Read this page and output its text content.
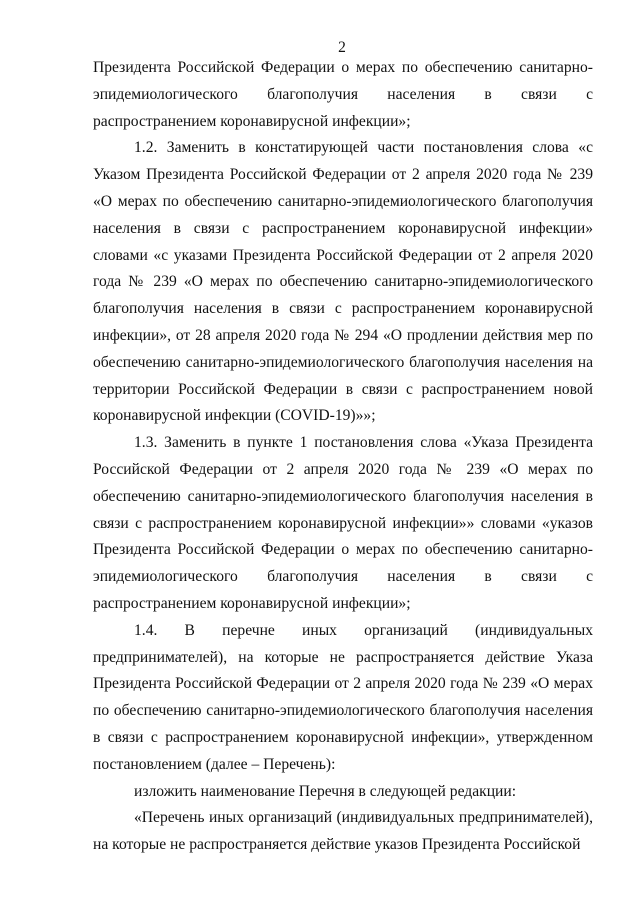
2

Президента Российской Федерации о мерах по обеспечению санитарно-эпидемиологического благополучия населения в связи с распространением коронавирусной инфекции»;

1.2. Заменить в констатирующей части постановления слова «с Указом Президента Российской Федерации от 2 апреля 2020 года № 239 «О мерах по обеспечению санитарно-эпидемиологического благополучия населения в связи с распространением коронавирусной инфекции» словами «с указами Президента Российской Федерации от 2 апреля 2020 года № 239 «О мерах по обеспечению санитарно-эпидемиологического благополучия населения в связи с распространением коронавирусной инфекции», от 28 апреля 2020 года № 294 «О продлении действия мер по обеспечению санитарно-эпидемиологического благополучия населения на территории Российской Федерации в связи с распространением новой коронавирусной инфекции (COVID-19)»»;

1.3. Заменить в пункте 1 постановления слова «Указа Президента Российской Федерации от 2 апреля 2020 года № 239 «О мерах по обеспечению санитарно-эпидемиологического благополучия населения в связи с распространением коронавирусной инфекции»» словами «указов Президента Российской Федерации о мерах по обеспечению санитарно-эпидемиологического благополучия населения в связи с распространением коронавирусной инфекции»;

1.4. В перечне иных организаций (индивидуальных предпринимателей), на которые не распространяется действие Указа Президента Российской Федерации от 2 апреля 2020 года № 239 «О мерах по обеспечению санитарно-эпидемиологического благополучия населения в связи с распространением коронавирусной инфекции», утвержденном постановлением (далее – Перечень):

изложить наименование Перечня в следующей редакции:

«Перечень иных организаций (индивидуальных предпринимателей), на которые не распространяется действие указов Президента Российской
